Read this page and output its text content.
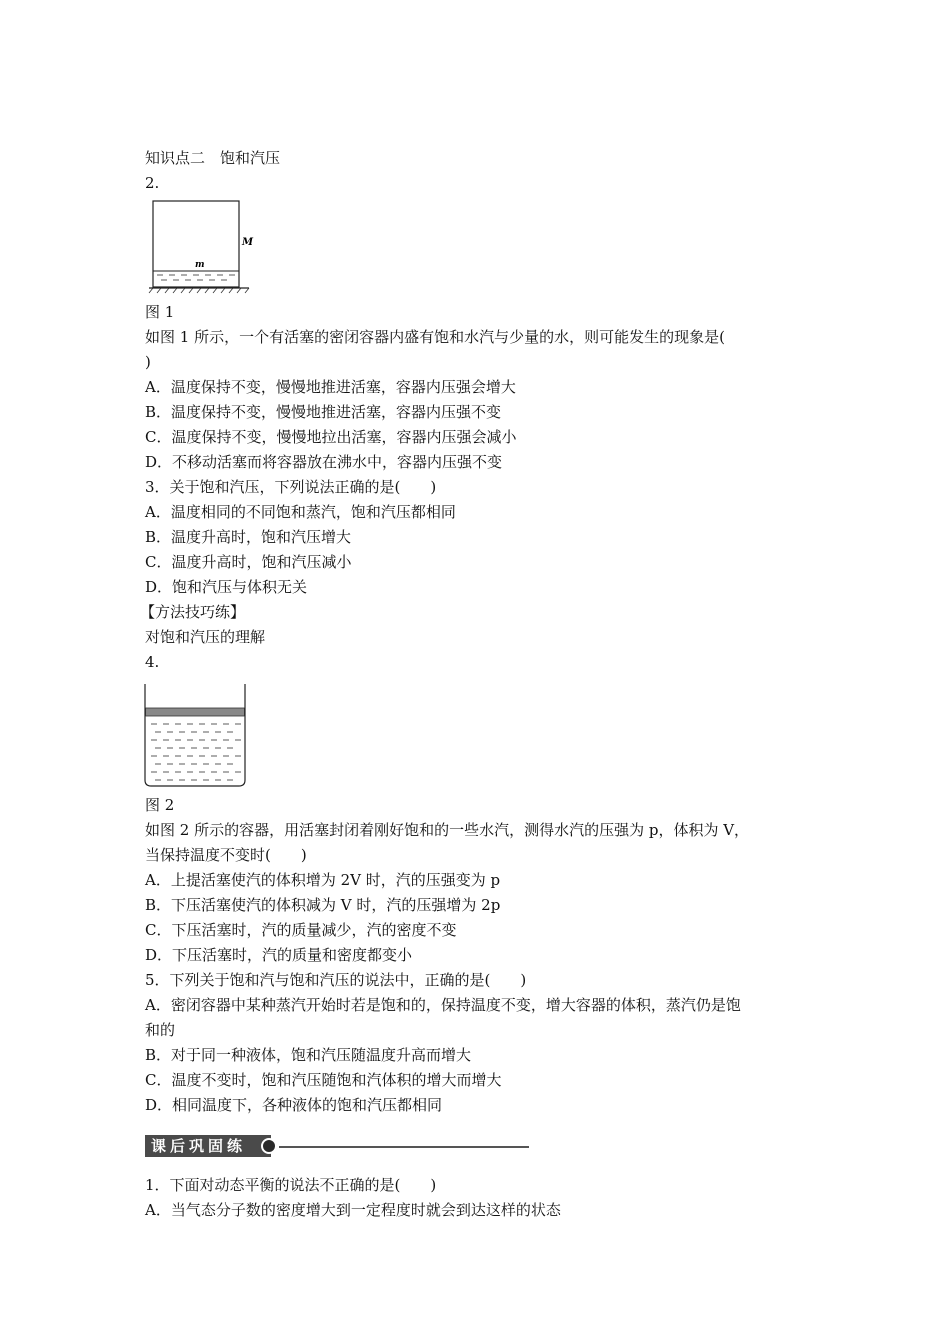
知识点二　饱和汽压
2.
M
m
图 1
如图 1 所示，一个有活塞的密闭容器内盛有饱和水汽与少量的水，则可能发生的现象是(
)
A．温度保持不变，慢慢地推进活塞，容器内压强会增大
B．温度保持不变，慢慢地推进活塞，容器内压强不变
C．温度保持不变，慢慢地拉出活塞，容器内压强会减小
D．不移动活塞而将容器放在沸水中，容器内压强不变
3．关于饱和汽压，下列说法正确的是(　　)
A．温度相同的不同饱和蒸汽，饱和汽压都相同
B．温度升高时，饱和汽压增大
C．温度升高时，饱和汽压减小
D．饱和汽压与体积无关
【方法技巧练】
对饱和汽压的理解
4.
图 2
如图 2 所示的容器，用活塞封闭着刚好饱和的一些水汽，测得水汽的压强为 p，体积为 V，
当保持温度不变时(　　)
A．上提活塞使汽的体积增为 2V 时，汽的压强变为 p
B．下压活塞使汽的体积减为 V 时，汽的压强增为 2p
C．下压活塞时，汽的质量减少，汽的密度不变
D．下压活塞时，汽的质量和密度都变小
5．下列关于饱和汽与饱和汽压的说法中，正确的是(　　)
A．密闭容器中某种蒸汽开始时若是饱和的，保持温度不变，增大容器的体积，蒸汽仍是饱
和的
B．对于同一种液体，饱和汽压随温度升高而增大
C．温度不变时，饱和汽压随饱和汽体积的增大而增大
D．相同温度下，各种液体的饱和汽压都相同
课后巩固练
1．下面对动态平衡的说法不正确的是(　　)
A．当气态分子数的密度增大到一定程度时就会到达这样的状态
